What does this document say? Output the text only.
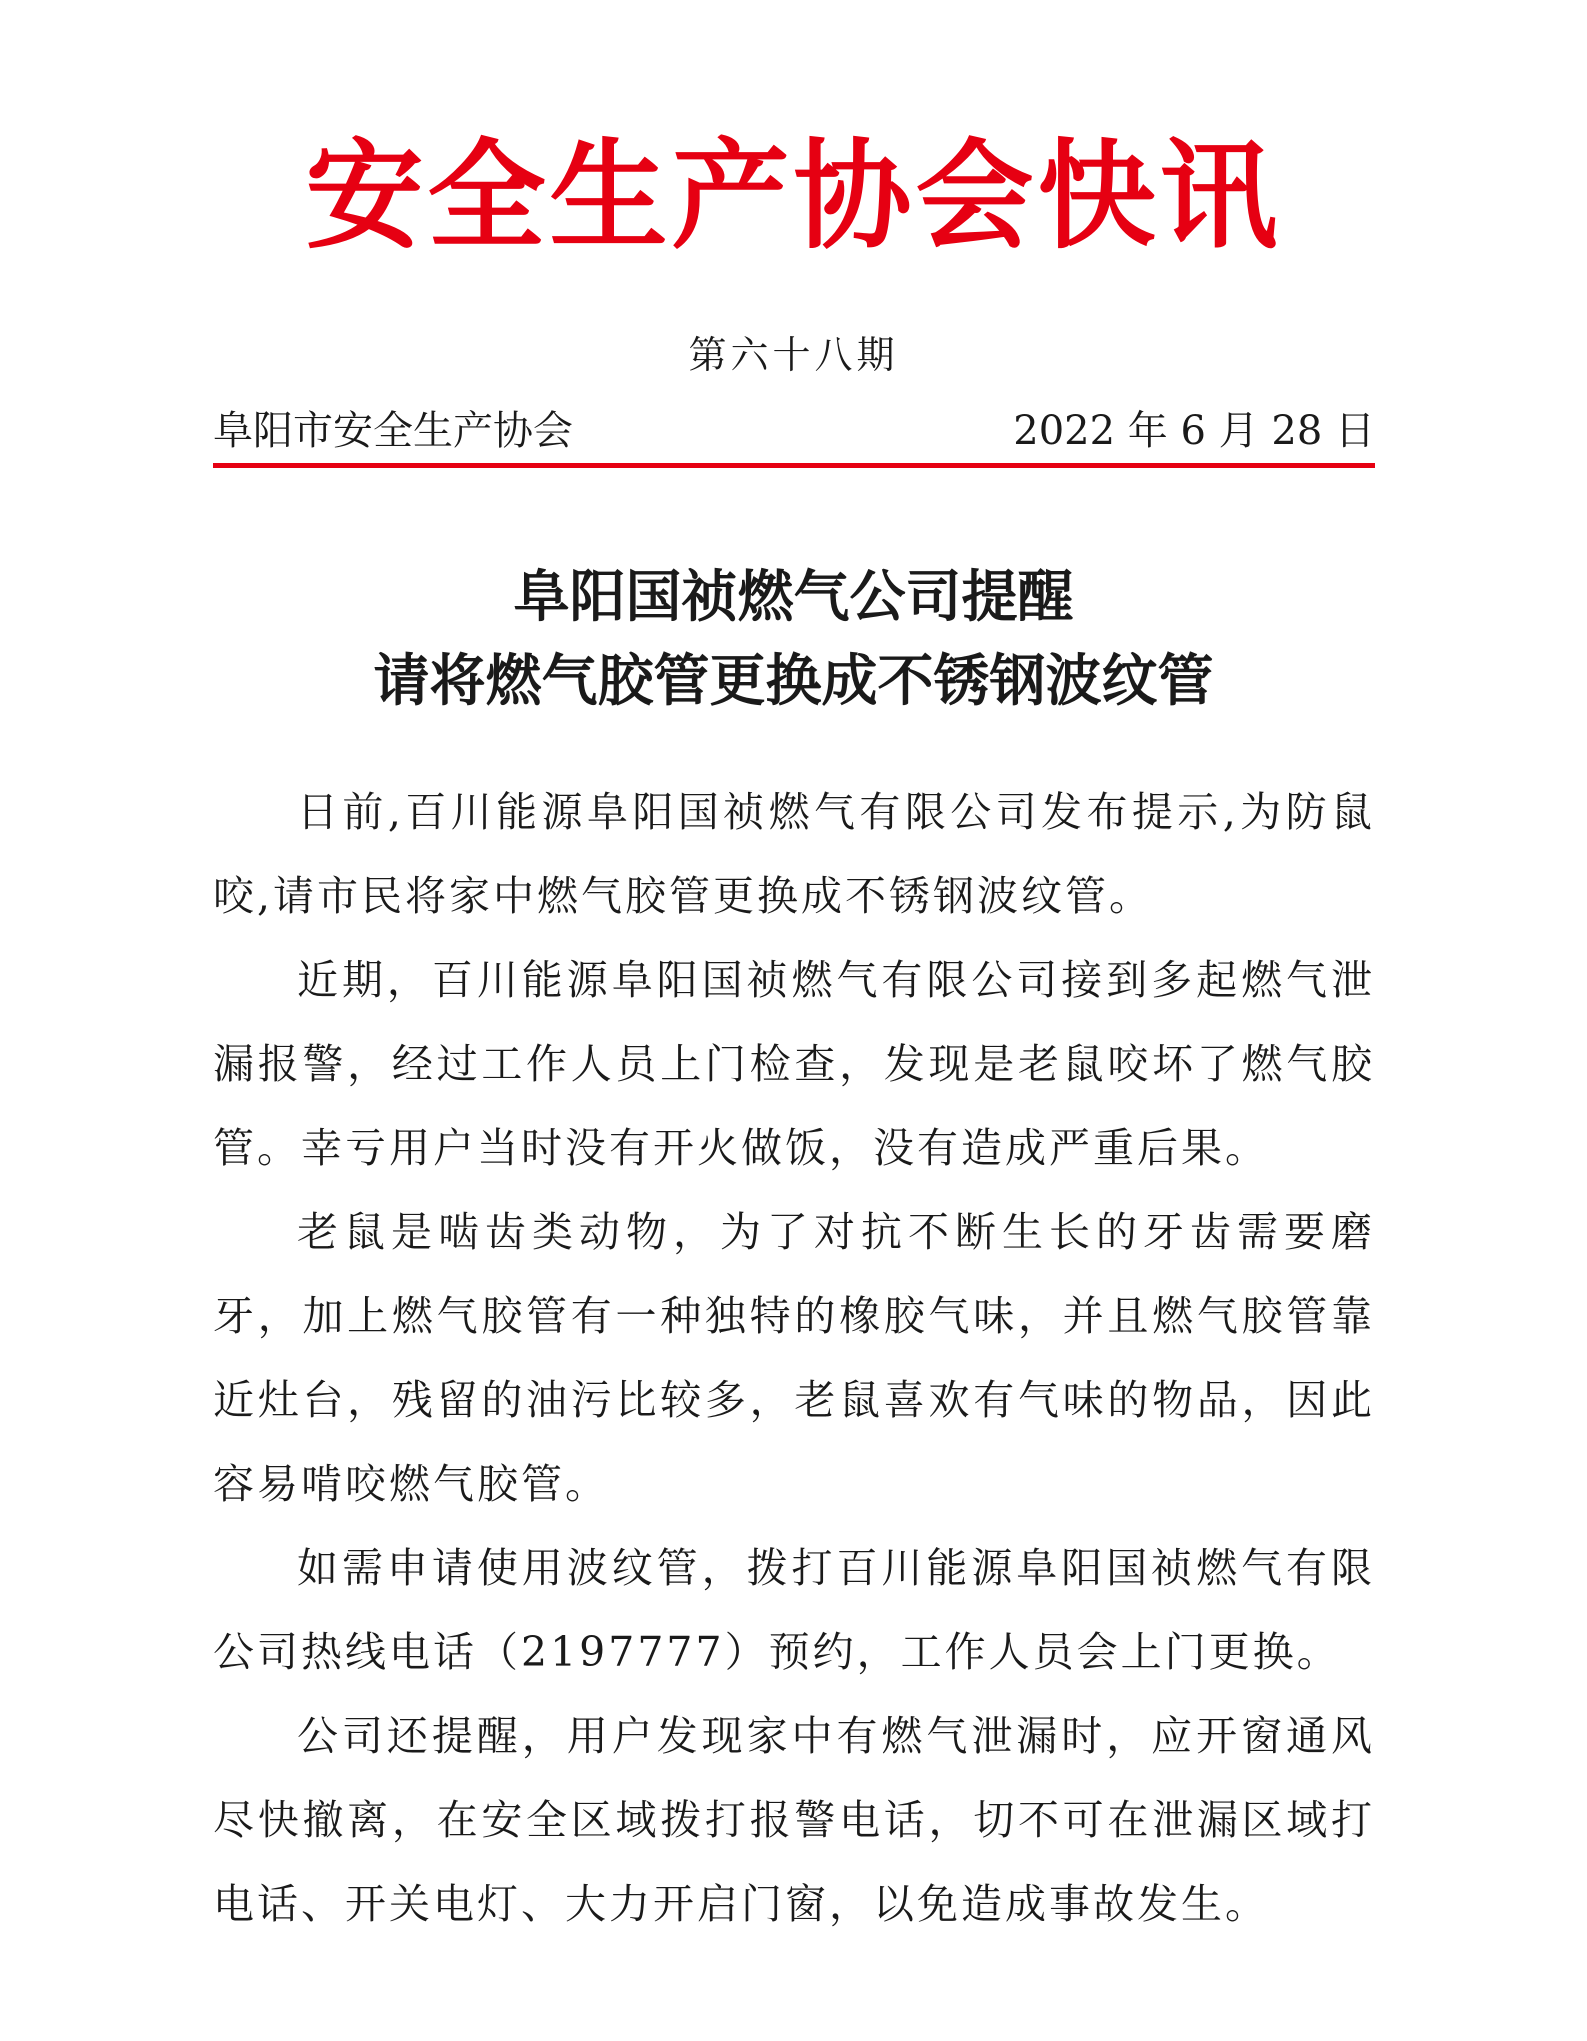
安全生产协会快讯
第六十八期
阜阳市安全生产协会	2022 年 6 月 28 日
阜阳国祯燃气公司提醒
请将燃气胶管更换成不锈钢波纹管

日前,百川能源阜阳国祯燃气有限公司发布提示,为防鼠咬,请市民将家中燃气胶管更换成不锈钢波纹管。

近期，百川能源阜阳国祯燃气有限公司接到多起燃气泄漏报警，经过工作人员上门检查，发现是老鼠咬坏了燃气胶管。幸亏用户当时没有开火做饭，没有造成严重后果。

老鼠是啮齿类动物，为了对抗不断生长的牙齿需要磨牙，加上燃气胶管有一种独特的橡胶气味，并且燃气胶管靠近灶台，残留的油污比较多，老鼠喜欢有气味的物品，因此容易啃咬燃气胶管。

如需申请使用波纹管，拨打百川能源阜阳国祯燃气有限公司热线电话（2197777）预约，工作人员会上门更换。

公司还提醒，用户发现家中有燃气泄漏时，应开窗通风尽快撤离，在安全区域拨打报警电话，切不可在泄漏区域打电话、开关电灯、大力开启门窗，以免造成事故发生。
